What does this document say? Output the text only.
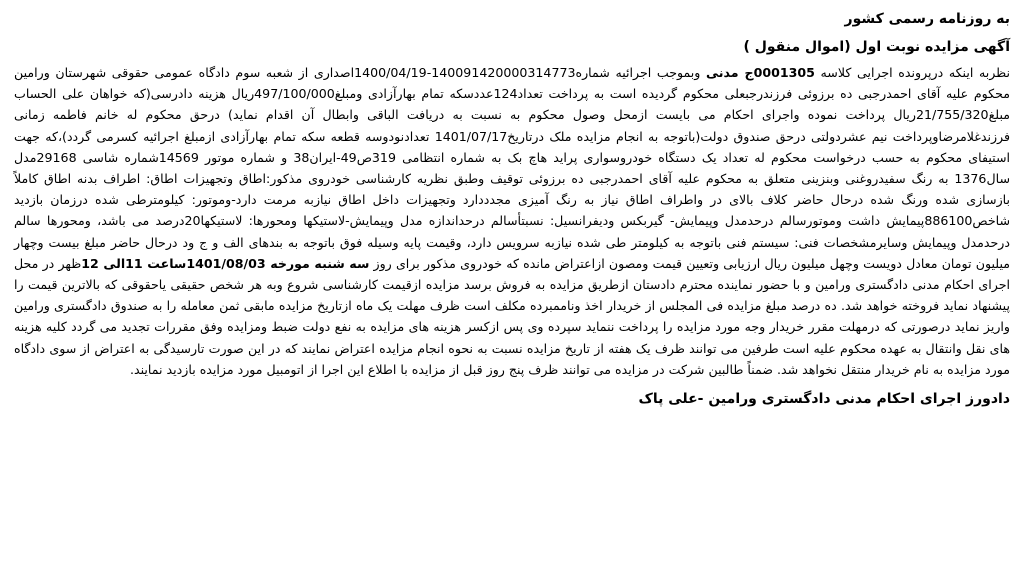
به روزنامه رسمی کشور

آگهی مزایده نوبت اول (اموال منقول )

نظربه اینکه درپرونده اجرایی کلاسه 0001305ج مدنی وبموجب اجرائیه شماره140091420000314773-1400/04/19اصداری از شعبه سوم دادگاه عمومی حقوقی شهرستان ورامین محکوم علیه آقای احمدرجبی ده برزوئی فرزندرجبعلی محکوم گردیده است به پرداخت تعداد124عددسکه تمام بهارآزادی ومبلغ497/100/000ریال هزینه دادرسی(که خواهان علی الحساب مبلغ21/755/320ریال پرداخت نموده واجرای احکام می بایست ازمحل وصول محکوم به نسبت به دریافت الباقی وابطال آن اقدام نماید) درحق محکوم له خانم فاطمه زمانی فرزندغلامرضاوپرداخت نیم عشردولتی درحق صندوق دولت(باتوجه به انجام مزایده ملک درتاریخ1401/07/17 تعدادنودوسه قطعه سکه تمام بهارآزادی ازمبلغ اجرائیه کسرمی گردد)،که جهت استیفای محکوم به حسب درخواست محکوم له تعداد یک دستگاه خودروسواری پراید هاچ بک به شماره انتظامی 319ص49-ایران38 و شماره موتور 14569شماره شاسی 29168مدل سال1376 به رنگ سفیدروغنی وبنزینی متعلق به محکوم علیه آقای احمدرجبی ده برزوئی توقیف وطبق نظریه کارشناسی خودروی مذکور:اطاق وتجهیزات اطاق: اطراف بدنه اطاق کاملاً بازسازی شده ورنگ شده درحال حاضر کلاف بالای در واطراف اطاق نیاز به رنگ آمیزی مجدددارد وتجهیزات داخل اطاق نیازبه مرمت دارد-وموتور: کیلومترطی شده درزمان بازدید شاخص886100پیمایش داشت وموتورسالم درحدمدل وپیمایش- گیربکس ودیفرانسیل: نسبتأسالم درحداندازه مدل وپیمایش-لاستیکها ومحورها: لاستیکها20درصد می باشد، ومحورها سالم درحدمدل وپیمایش وسایرمشخصات فنی: سیستم فنی باتوجه به کیلومتر طی شده نیازبه سرویس دارد، وقیمت پایه وسیله فوق باتوجه به بندهای الف و ج ود درحال حاضر مبلغ بیست وچهار میلیون تومان معادل دویست وچهل میلیون ریال ارزیابی وتعیین قیمت ومصون ازاعتراض مانده که خودروی مذکور برای روز سه شنبه مورخه 1401/08/03ساعت 11الی 12ظهر در محل اجرای احکام مدنی دادگستری ورامین و با حضور نماینده محترم دادستان ازطریق مزایده به فروش برسد مزایده ازقیمت کارشناسی شروع وبه هر شخص حقیقی یاحقوقی که بالاترین قیمت را پیشنهاد نماید فروخته خواهد شد. ده درصد مبلغ مزایده فی المجلس از خریدار اخذ وناممبرده مکلف است ظرف مهلت یک ماه ازتاریخ مزایده مابقی ثمن معامله را به صندوق دادگستری ورامین واریز نماید درصورتی که درمهلت مقرر خریدار وجه مورد مزایده را پرداخت ننماید سپرده وی پس ازکسر هزینه های مزایده به نفع دولت ضبط ومزایده وفق مقررات تجدید می گردد کلیه هزینه های نقل وانتقال به عهده محکوم علیه است طرفین می توانند ظرف یک هفته از تاریخ مزایده نسبت به نحوه انجام مزایده اعتراض نمایند که در این صورت تارسیدگی به اعتراض از سوی دادگاه مورد مزایده به نام خریدار منتقل نخواهد شد. ضمناً طالبین شرکت در مزایده می توانند ظرف پنج روز قبل از مزایده با اطلاع این اجرا از اتومبیل مورد مزایده بازدید نمایند.

دادورز اجرای احکام مدنی دادگستری ورامین -علی پاک
